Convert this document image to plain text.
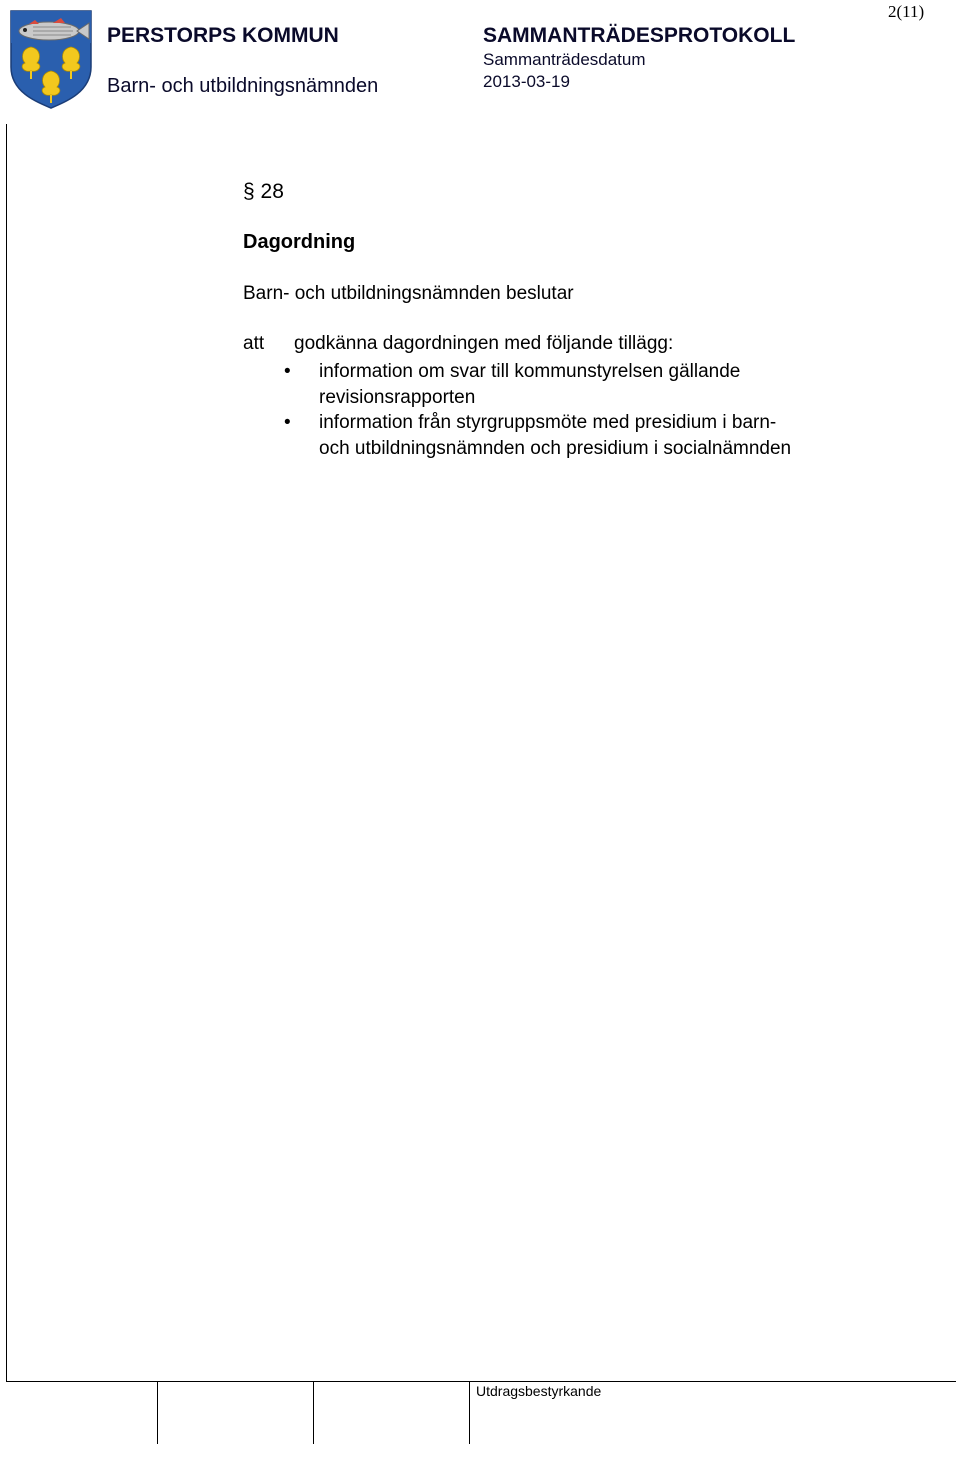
PERSTORPS KOMMUN
Barn- och utbildningsnämnden
SAMMANTRÄDESPROTOKOLL
Sammanträdesdatum
2013-03-19
2(11)
§ 28
Dagordning
Barn- och utbildningsnämnden beslutar
att godkänna dagordningen med följande tillägg:
• information om svar till kommunstyrelsen gällande revisionsrapporten
• information från styrgruppsmöte med presidium i barn- och utbildningsnämnden och presidium i socialnämnden
Utdragsbestyrkande
